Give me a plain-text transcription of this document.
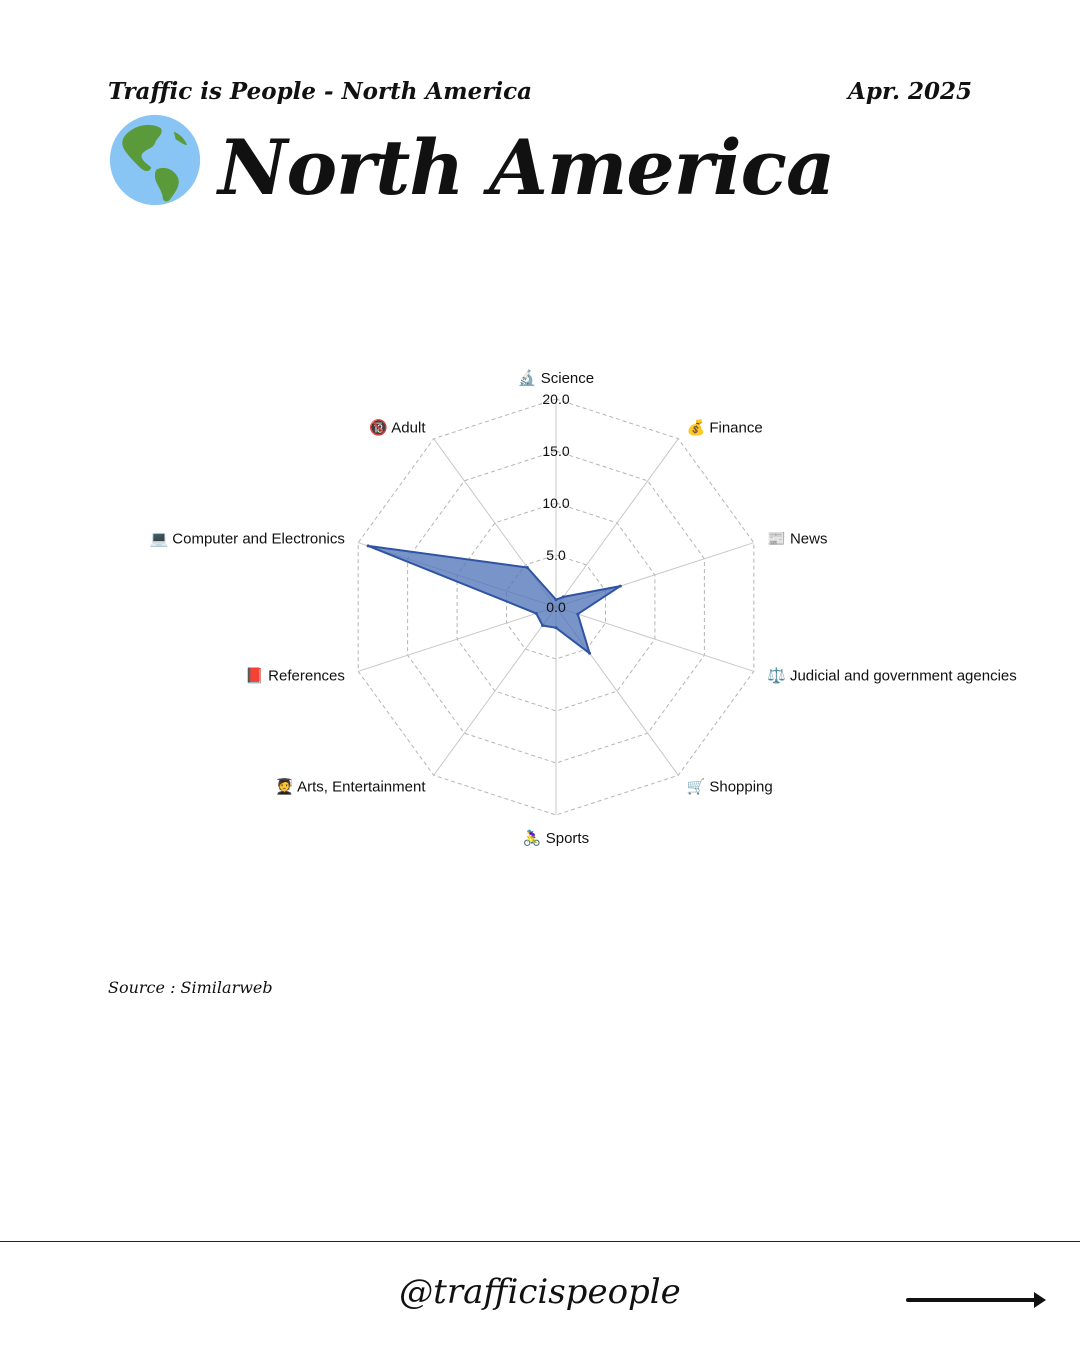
Traffic is People - North America	Apr. 2025
North America
🔬 Science
💰 Finance
📰 News
⚖️ Judicial and government agencies
🛒 Shopping
🚴‍♀️ Sports
🧑‍🎓 Arts, Entertainment
📕 References
💻 Computer and Electronics
🔞 Adult
0.0
5.0
10.0
15.0
20.0
Source : Similarweb
@trafficispeople
